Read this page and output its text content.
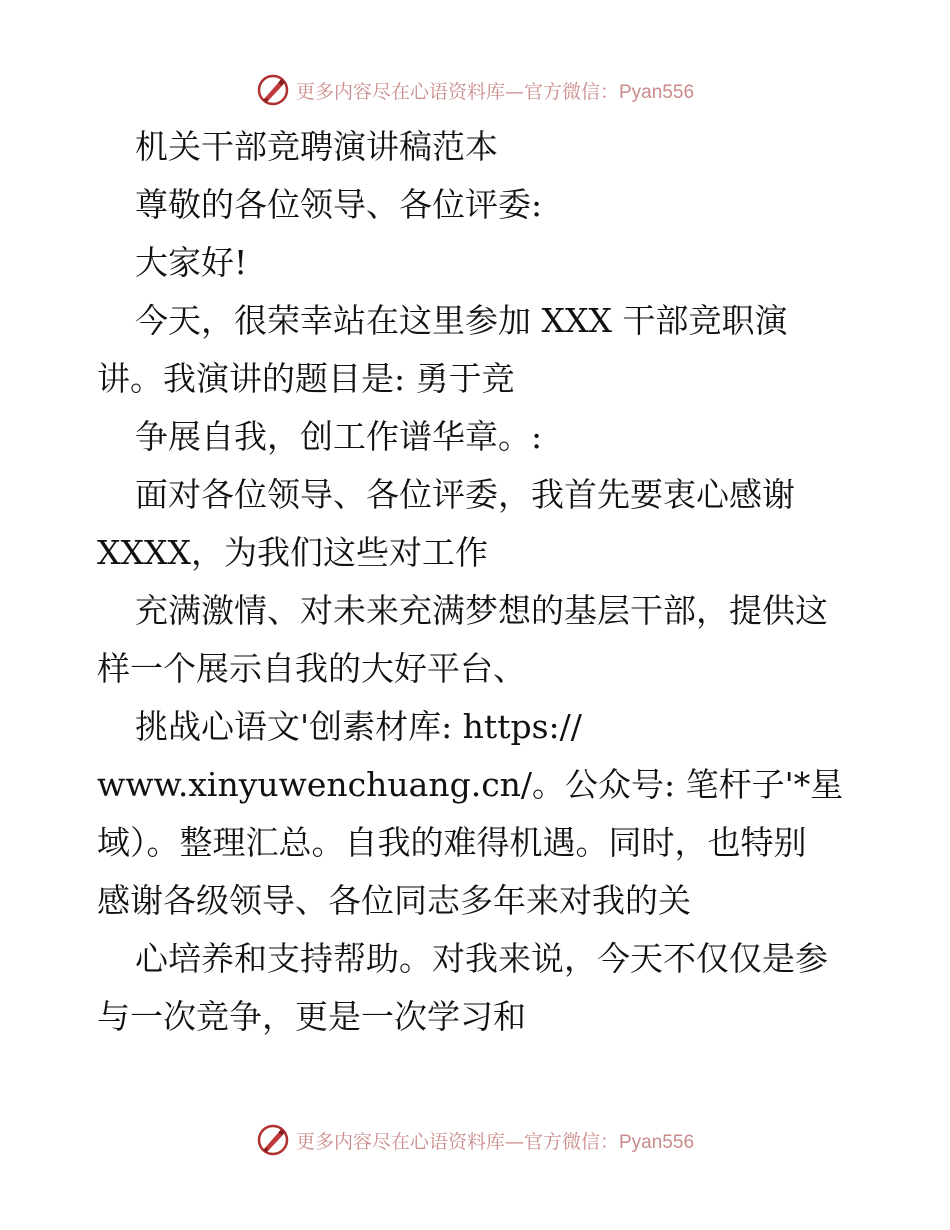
更多内容尽在心语资料库—官方微信：Pyan556
机关干部竞聘演讲稿范本
尊敬的各位领导、各位评委:
大家好!
今天，很荣幸站在这里参加 XXX 干部竞职演
讲。我演讲的题目是: 勇于竞
争展自我，创工作谱华章。:
面对各位领导、各位评委，我首先要衷心感谢
XXXX，为我们这些对工作
充满激情、对未来充满梦想的基层干部，提供这
样一个展示自我的大好平台、
挑战心语文'创素材库: https://
www.xinyuwenchuang.cn/。公众号: 笔杆子'*星
域）。整理汇总。自我的难得机遇。同时，也特别
感谢各级领导、各位同志多年来对我的关
心培养和支持帮助。对我来说，今天不仅仅是参
与一次竞争，更是一次学习和
更多内容尽在心语资料库—官方微信：Pyan556
